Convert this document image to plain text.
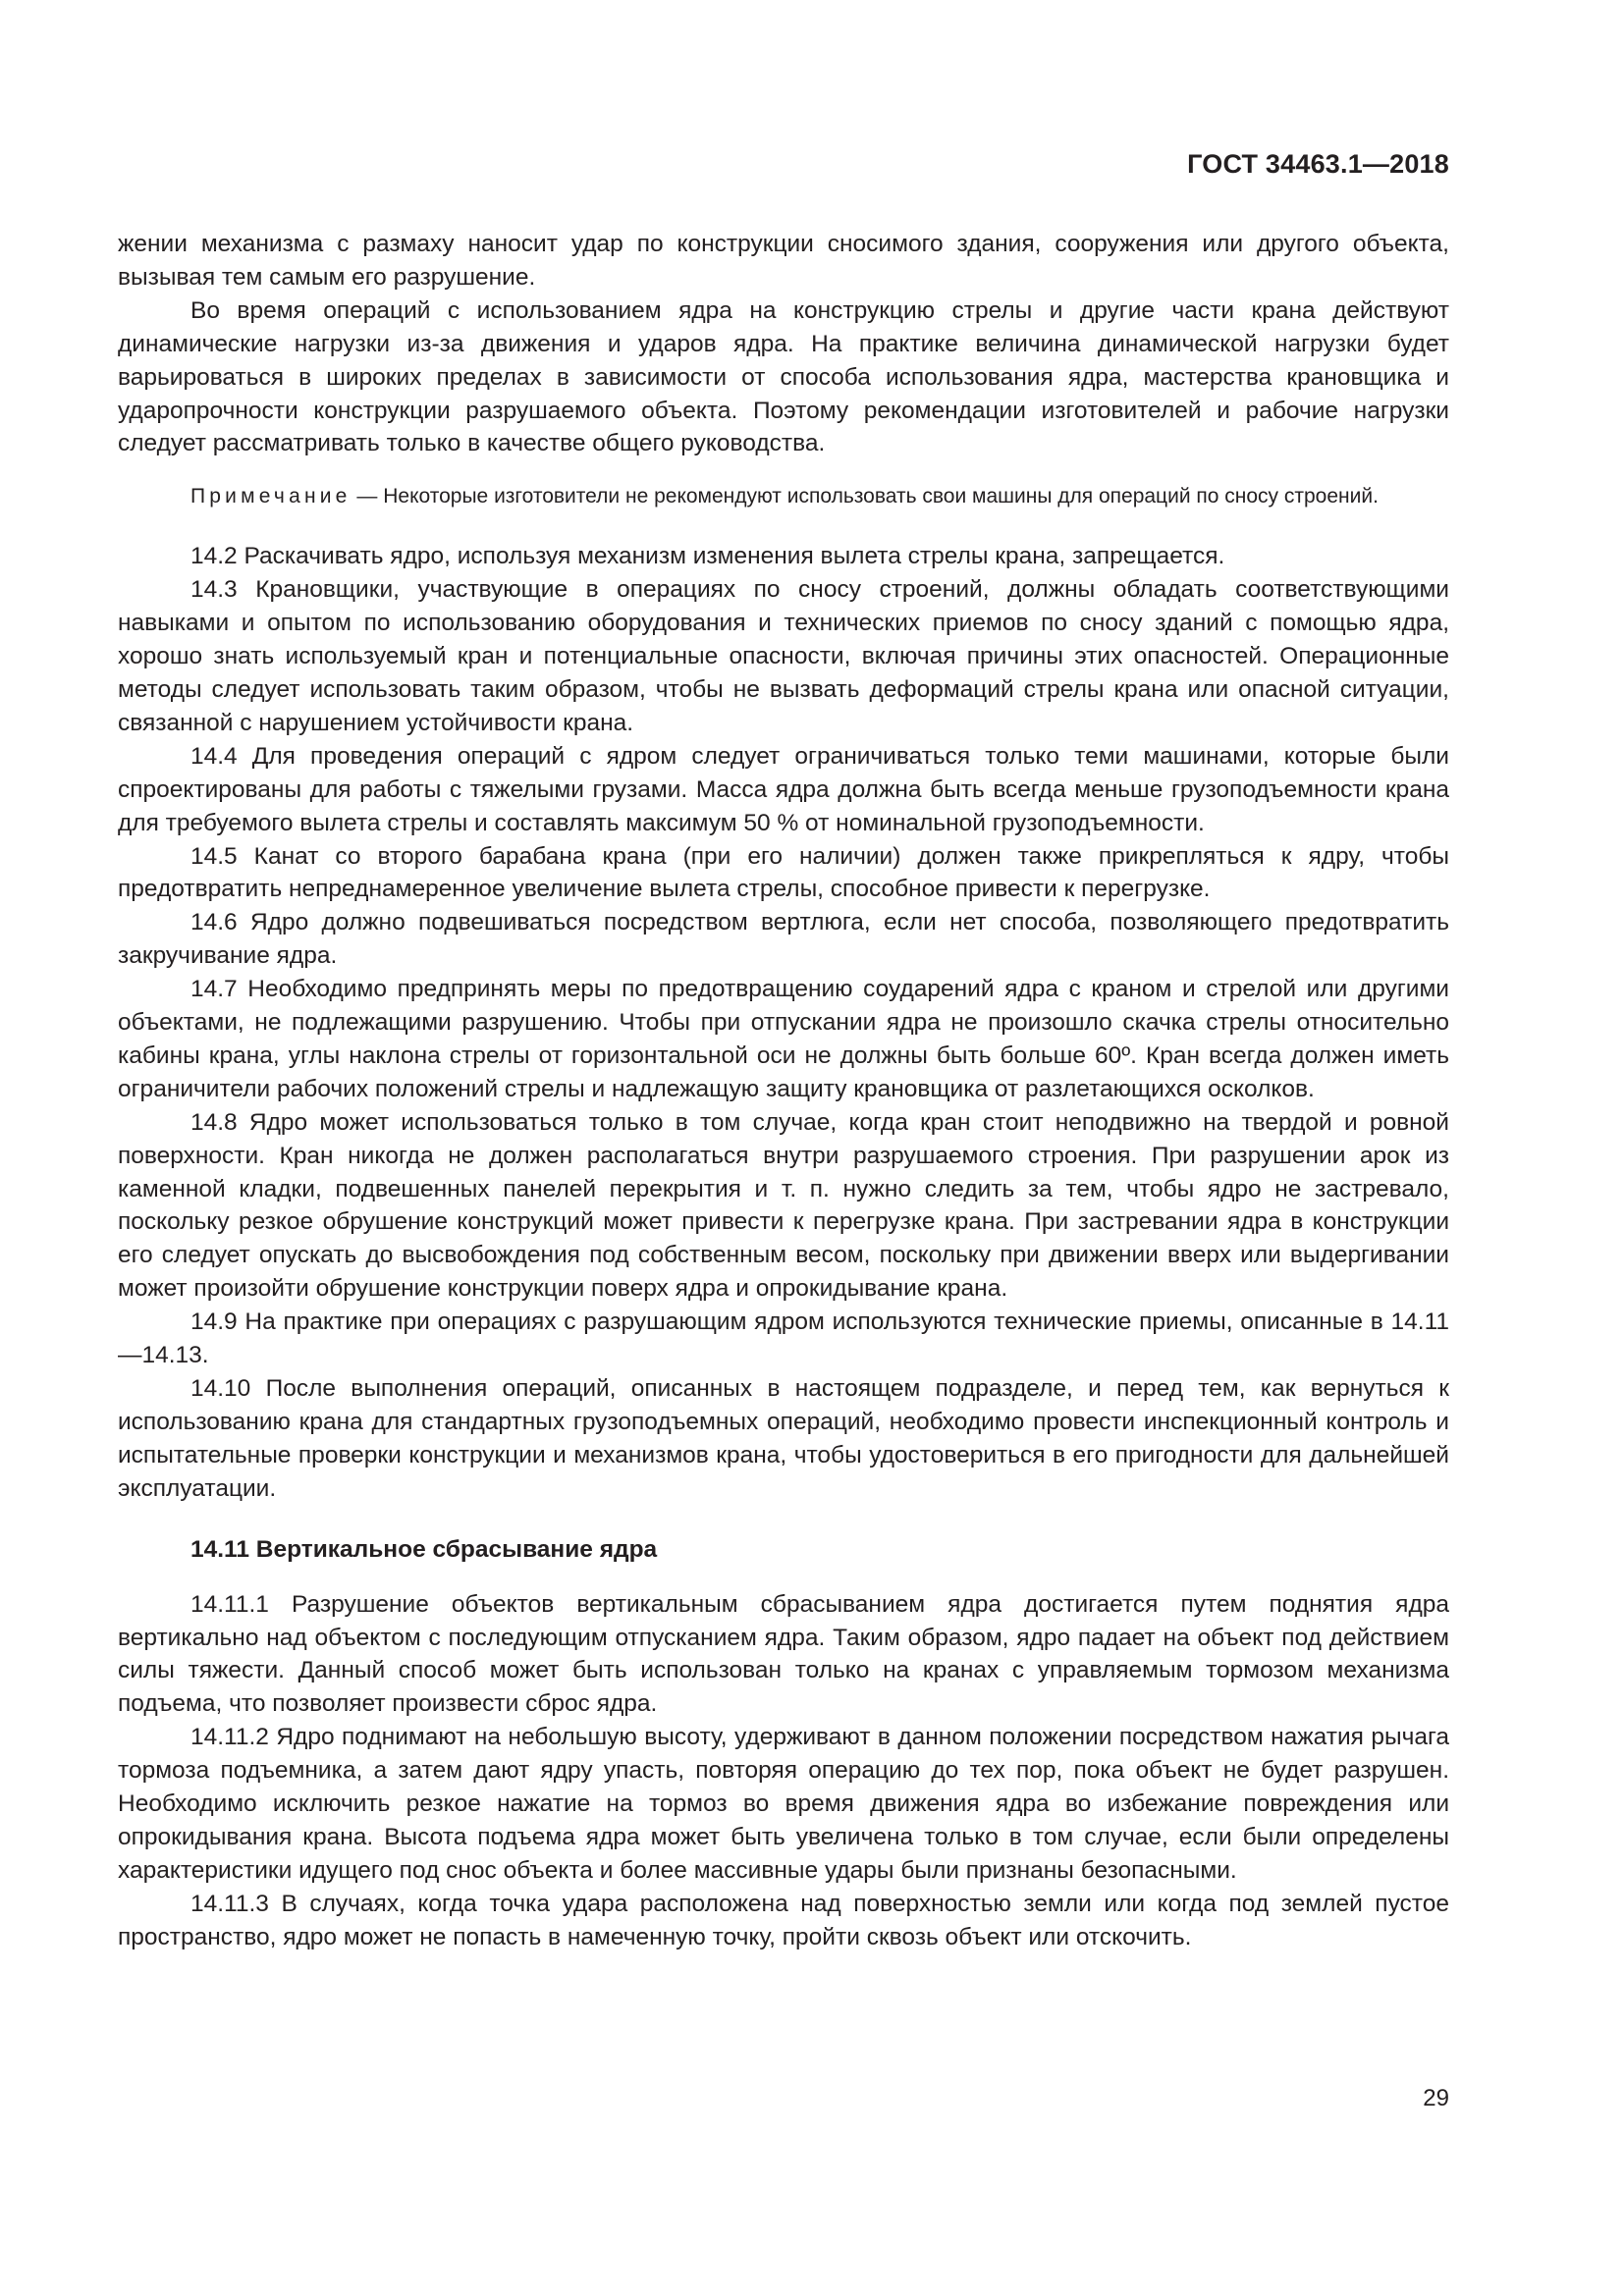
ГОСТ 34463.1—2018

жении механизма с размаху наносит удар по конструкции сносимого здания, сооружения или другого объекта, вызывая тем самым его разрушение.

Во время операций с использованием ядра на конструкцию стрелы и другие части крана действуют динамические нагрузки из-за движения и ударов ядра. На практике величина динамической нагрузки будет варьироваться в широких пределах в зависимости от способа использования ядра, мастерства крановщика и ударопрочности конструкции разрушаемого объекта. Поэтому рекомендации изготовителей и рабочие нагрузки следует рассматривать только в качестве общего руководства.

Примечание — Некоторые изготовители не рекомендуют использовать свои машины для операций по сносу строений.

14.2 Раскачивать ядро, используя механизм изменения вылета стрелы крана, запрещается.

14.3 Крановщики, участвующие в операциях по сносу строений, должны обладать соответствующими навыками и опытом по использованию оборудования и технических приемов по сносу зданий с помощью ядра, хорошо знать используемый кран и потенциальные опасности, включая причины этих опасностей. Операционные методы следует использовать таким образом, чтобы не вызвать деформаций стрелы крана или опасной ситуации, связанной с нарушением устойчивости крана.

14.4 Для проведения операций с ядром следует ограничиваться только теми машинами, которые были спроектированы для работы с тяжелыми грузами. Масса ядра должна быть всегда меньше грузоподъемности крана для требуемого вылета стрелы и составлять максимум 50 % от номинальной грузоподъемности.

14.5 Канат со второго барабана крана (при его наличии) должен также прикрепляться к ядру, чтобы предотвратить непреднамеренное увеличение вылета стрелы, способное привести к перегрузке.

14.6 Ядро должно подвешиваться посредством вертлюга, если нет способа, позволяющего предотвратить закручивание ядра.

14.7 Необходимо предпринять меры по предотвращению соударений ядра с краном и стрелой или другими объектами, не подлежащими разрушению. Чтобы при отпускании ядра не произошло скачка стрелы относительно кабины крана, углы наклона стрелы от горизонтальной оси не должны быть больше 60º. Кран всегда должен иметь ограничители рабочих положений стрелы и надлежащую защиту крановщика от разлетающихся осколков.

14.8 Ядро может использоваться только в том случае, когда кран стоит неподвижно на твердой и ровной поверхности. Кран никогда не должен располагаться внутри разрушаемого строения. При разрушении арок из каменной кладки, подвешенных панелей перекрытия и т. п. нужно следить за тем, чтобы ядро не застревало, поскольку резкое обрушение конструкций может привести к перегрузке крана. При застревании ядра в конструкции его следует опускать до высвобождения под собственным весом, поскольку при движении вверх или выдергивании может произойти обрушение конструкции поверх ядра и опрокидывание крана.

14.9 На практике при операциях с разрушающим ядром используются технические приемы, описанные в 14.11—14.13.

14.10 После выполнения операций, описанных в настоящем подразделе, и перед тем, как вернуться к использованию крана для стандартных грузоподъемных операций, необходимо провести инспекционный контроль и испытательные проверки конструкции и механизмов крана, чтобы удостовериться в его пригодности для дальнейшей эксплуатации.

14.11 Вертикальное сбрасывание ядра

14.11.1 Разрушение объектов вертикальным сбрасыванием ядра достигается путем поднятия ядра вертикально над объектом с последующим отпусканием ядра. Таким образом, ядро падает на объект под действием силы тяжести. Данный способ может быть использован только на кранах с управляемым тормозом механизма подъема, что позволяет произвести сброс ядра.

14.11.2 Ядро поднимают на небольшую высоту, удерживают в данном положении посредством нажатия рычага тормоза подъемника, а затем дают ядру упасть, повторяя операцию до тех пор, пока объект не будет разрушен. Необходимо исключить резкое нажатие на тормоз во время движения ядра во избежание повреждения или опрокидывания крана. Высота подъема ядра может быть увеличена только в том случае, если были определены характеристики идущего под снос объекта и более массивные удары были признаны безопасными.

14.11.3 В случаях, когда точка удара расположена над поверхностью земли или когда под землей пустое пространство, ядро может не попасть в намеченную точку, пройти сквозь объект или отскочить.

29
